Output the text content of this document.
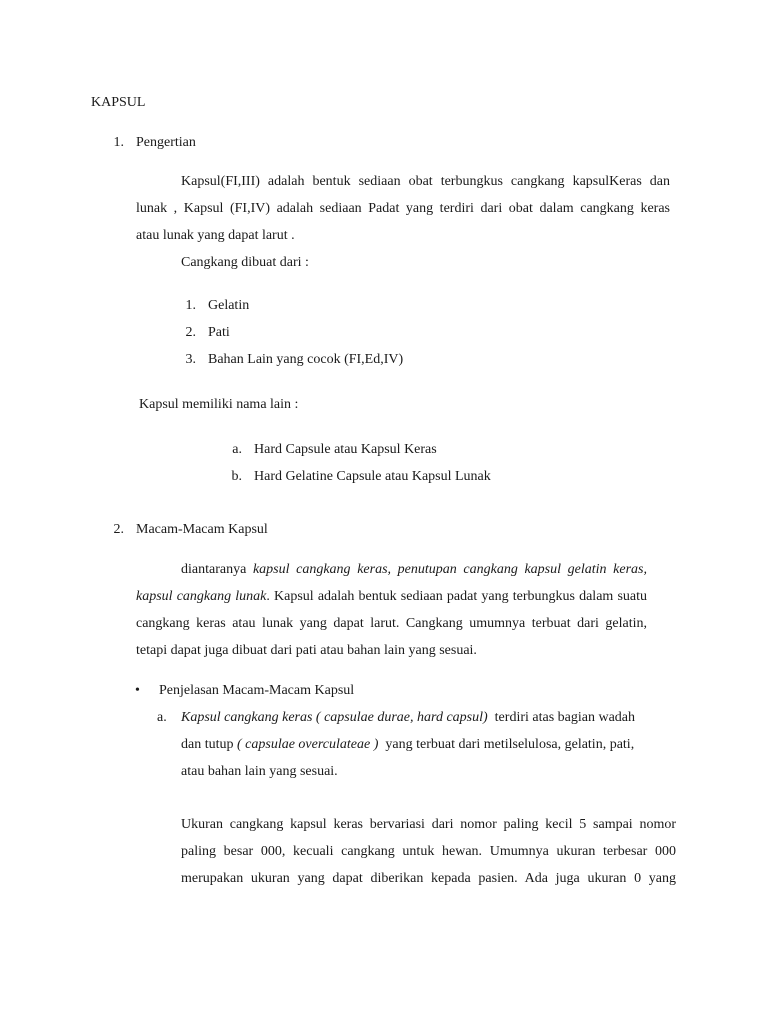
KAPSUL
1. Pengertian
Kapsul(FI,III) adalah bentuk sediaan obat terbungkus cangkang kapsulKeras dan
lunak , Kapsul (FI,IV) adalah sediaan Padat yang terdiri dari obat dalam cangkang keras
atau lunak yang dapat larut .
Cangkang dibuat dari :
1. Gelatin
2. Pati
3. Bahan Lain yang cocok (FI,Ed,IV)
Kapsul memiliki nama lain :
a. Hard Capsule atau Kapsul Keras
b. Hard Gelatine Capsule atau Kapsul Lunak
2. Macam-Macam Kapsul
diantaranya kapsul cangkang keras, penutupan cangkang kapsul gelatin keras,
kapsul cangkang lunak. Kapsul adalah bentuk sediaan padat yang terbungkus dalam suatu
cangkang keras atau lunak yang dapat larut. Cangkang umumnya terbuat dari gelatin,
tetapi dapat juga dibuat dari pati atau bahan lain yang sesuai.
• Penjelasan Macam-Macam Kapsul
a. Kapsul cangkang keras ( capsulae durae, hard capsul) terdiri atas bagian wadah
dan tutup ( capsulae overculateae ) yang terbuat dari metilselulosa, gelatin, pati,
atau bahan lain yang sesuai.
Ukuran cangkang kapsul keras bervariasi dari nomor paling kecil 5 sampai nomor
paling besar 000, kecuali cangkang untuk hewan. Umumnya ukuran terbesar 000
merupakan ukuran yang dapat diberikan kepada pasien. Ada juga ukuran 0 yang
